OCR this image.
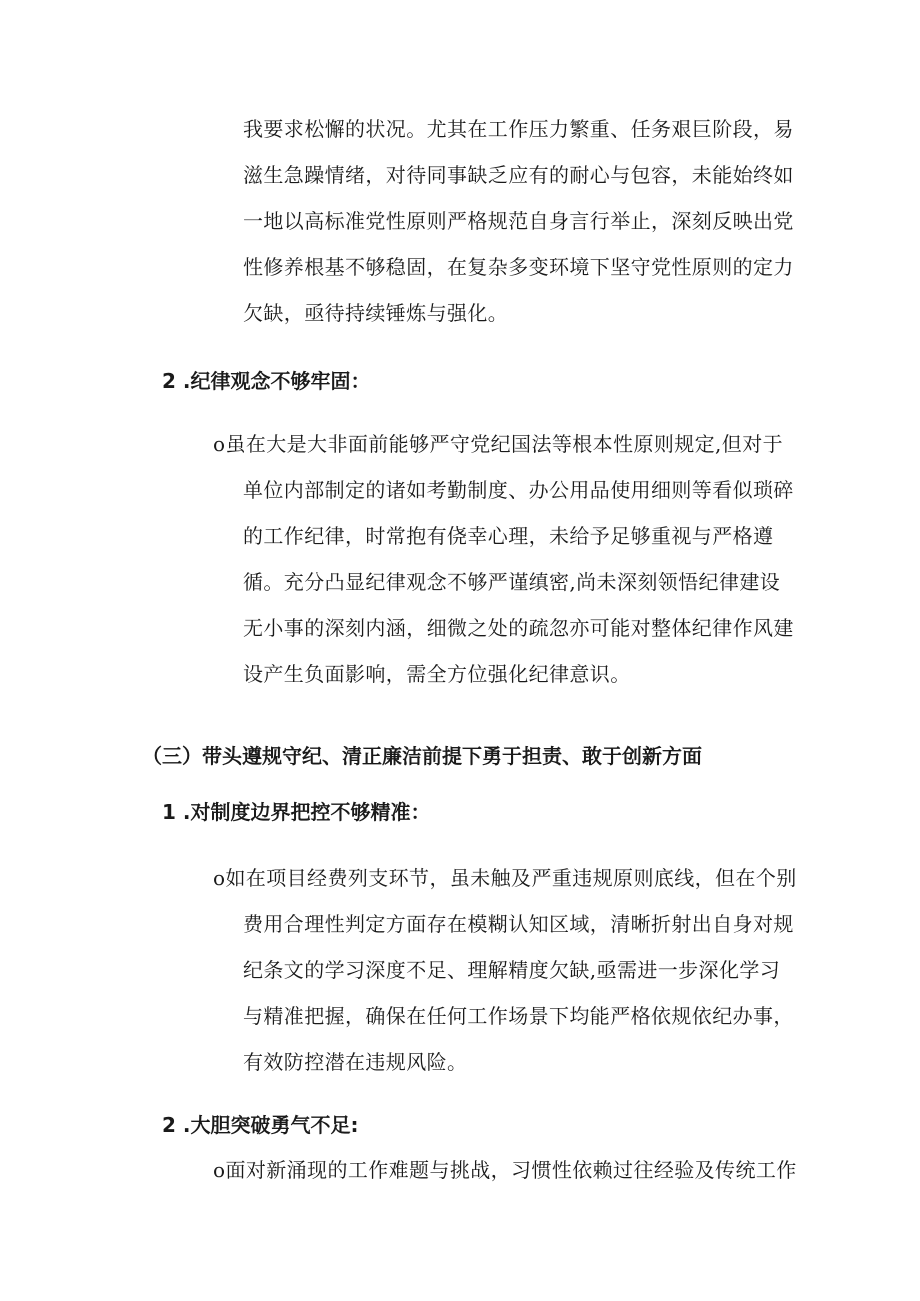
我要求松懈的状况。尤其在工作压力繁重、任务艰巨阶段，易
滋生急躁情绪，对待同事缺乏应有的耐心与包容，未能始终如
一地以高标准党性原则严格规范自身言行举止，深刻反映出党
性修养根基不够稳固，在复杂多变环境下坚守党性原则的定力
欠缺，亟待持续锤炼与强化。
2 .纪律观念不够牢固：
o虽在大是大非面前能够严守党纪国法等根本性原则规定,但对于
单位内部制定的诸如考勤制度、办公用品使用细则等看似琐碎
的工作纪律，时常抱有侥幸心理，未给予足够重视与严格遵
循。充分凸显纪律观念不够严谨缜密,尚未深刻领悟纪律建设
无小事的深刻内涵，细微之处的疏忽亦可能对整体纪律作风建
设产生负面影响，需全方位强化纪律意识。
（三）带头遵规守纪、清正廉洁前提下勇于担责、敢于创新方面
1 .对制度边界把控不够精准：
o如在项目经费列支环节，虽未触及严重违规原则底线，但在个别
费用合理性判定方面存在模糊认知区域，清晰折射出自身对规
纪条文的学习深度不足、理解精度欠缺,亟需进一步深化学习
与精准把握，确保在任何工作场景下均能严格依规依纪办事，
有效防控潜在违规风险。
2 .大胆突破勇气不足:
o面对新涌现的工作难题与挑战，习惯性依赖过往经验及传统工作
